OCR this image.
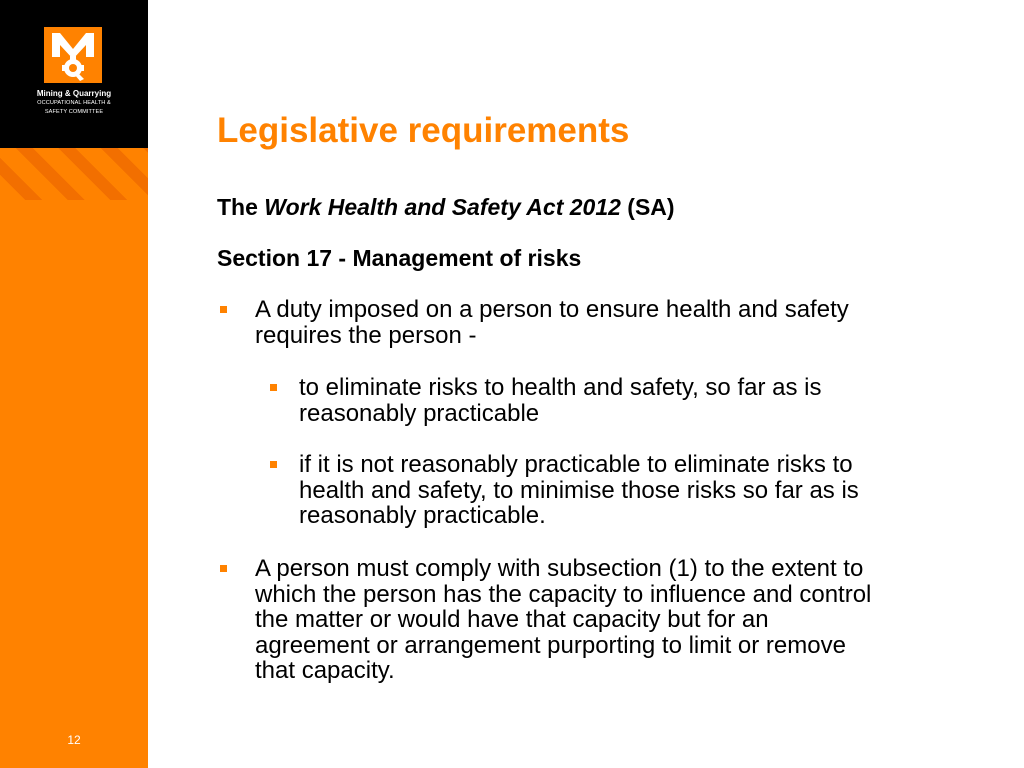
Mining & Quarrying
OCCUPATIONAL HEALTH &
SAFETY COMMITTEE
12
Legislative requirements
The Work Health and Safety Act 2012 (SA)
Section 17 - Management of risks
A duty imposed on a person to ensure health and safety
requires the person -
to eliminate risks to health and safety, so far as is
reasonably practicable
if it is not reasonably practicable to eliminate risks to
health and safety, to minimise those risks so far as is
reasonably practicable.
A person must comply with subsection (1) to the extent to
which the person has the capacity to influence and control
the matter or would have that capacity but for an
agreement or arrangement purporting to limit or remove
that capacity.
